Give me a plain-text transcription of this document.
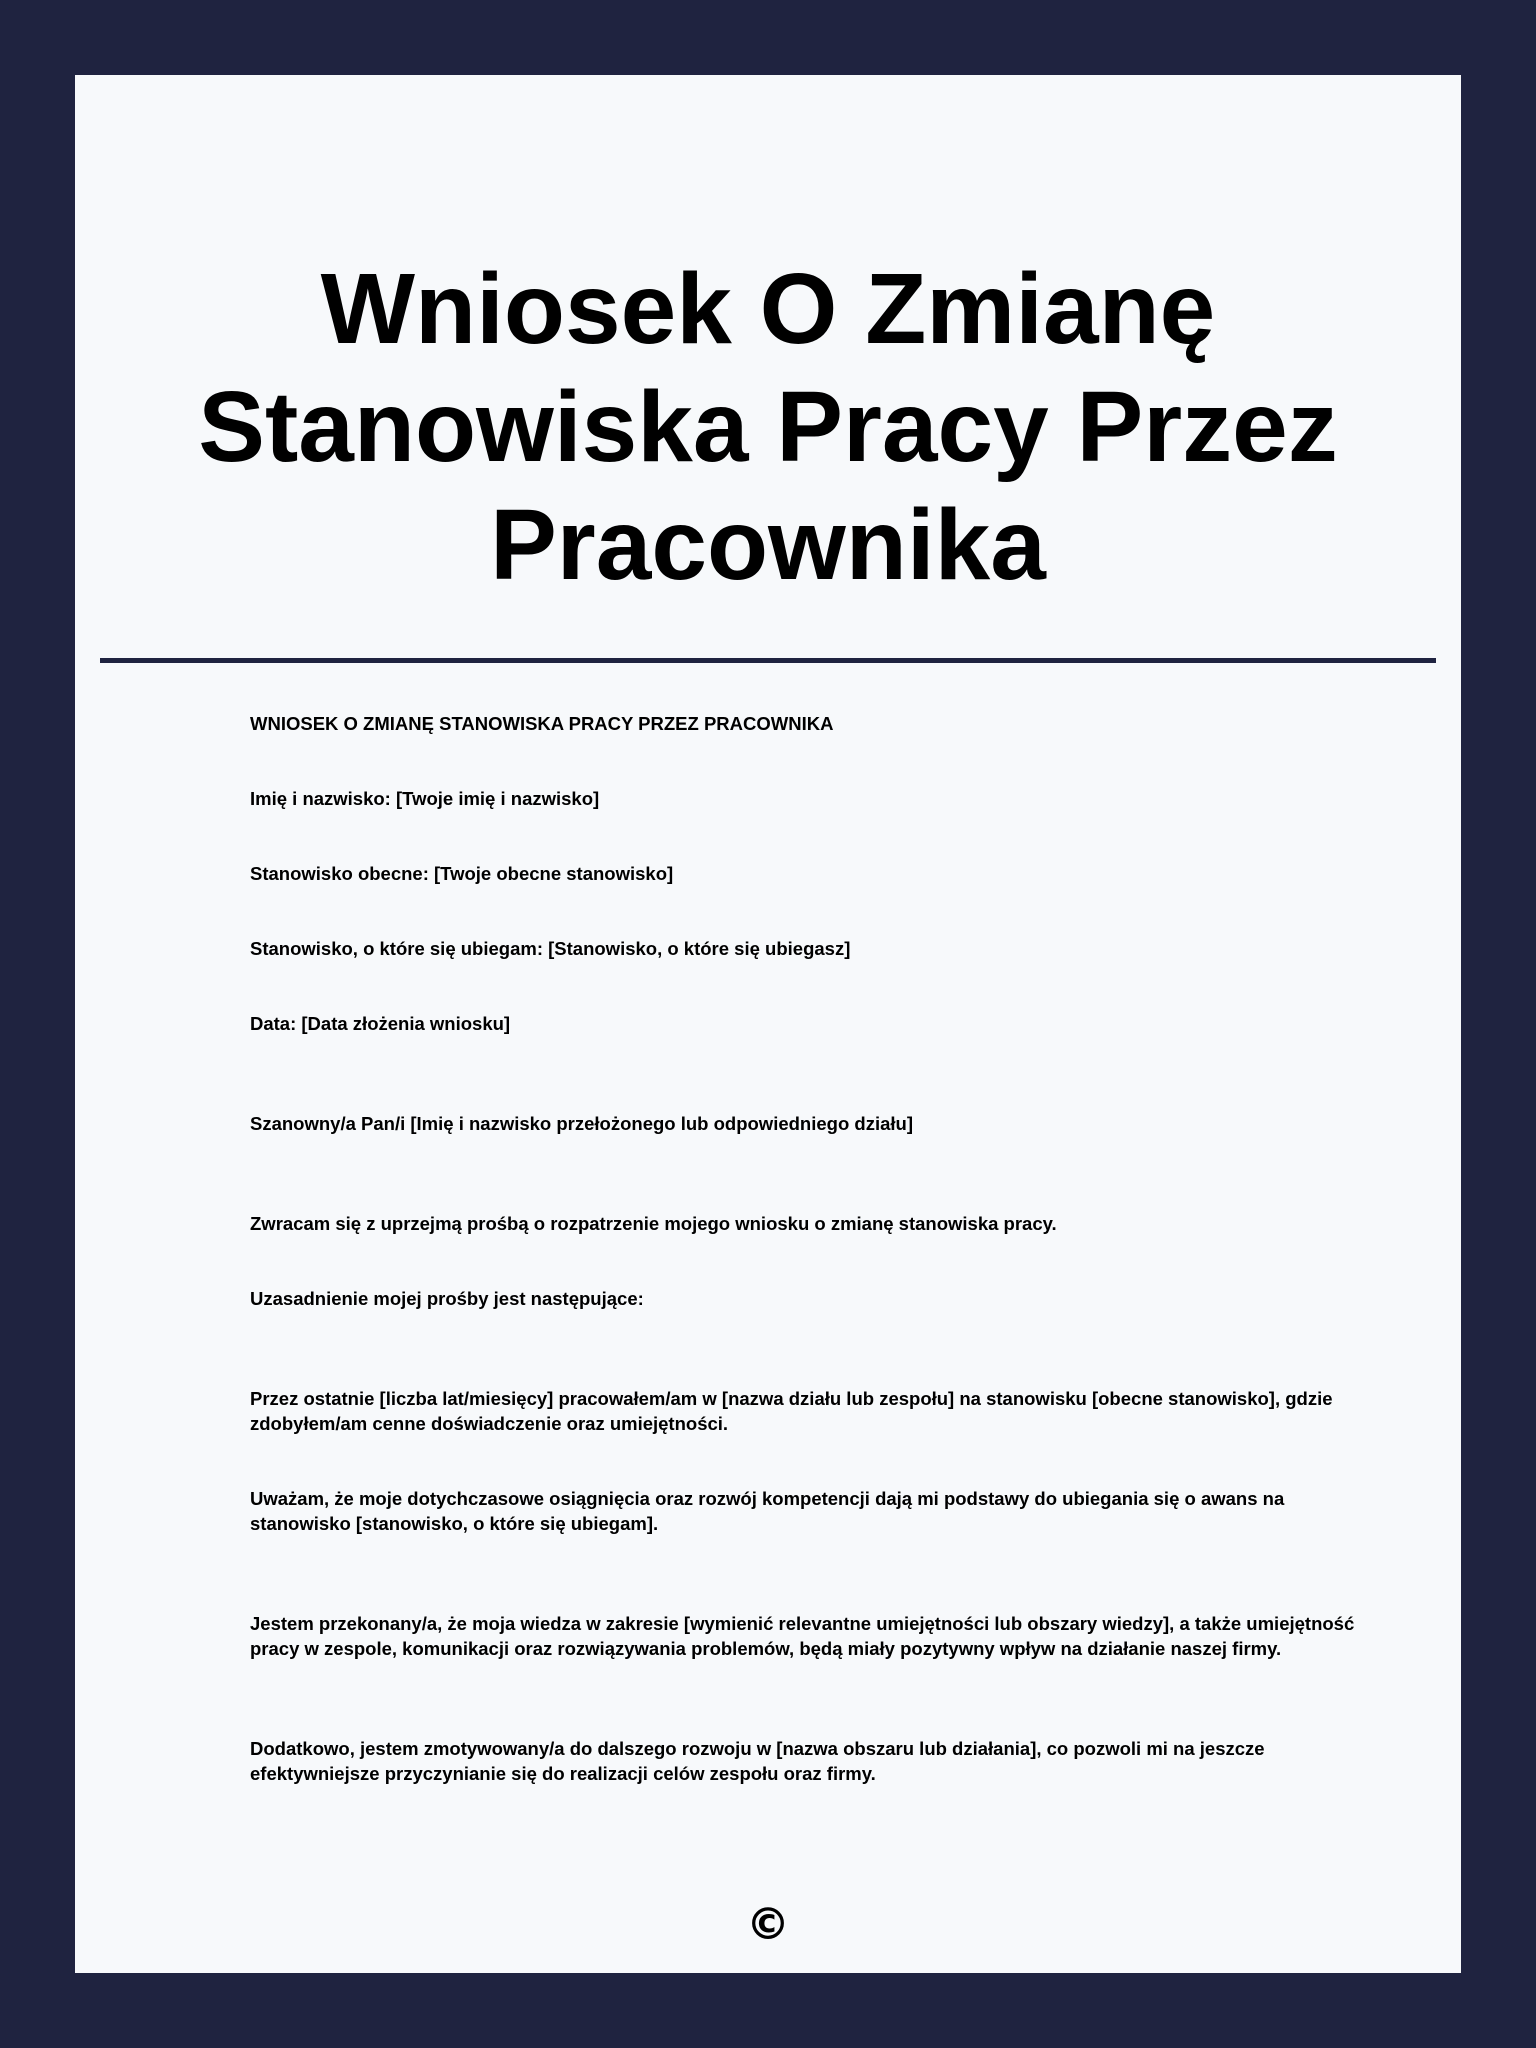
Wniosek O Zmianę Stanowiska Pracy Przez Pracownika

WNIOSEK O ZMIANĘ STANOWISKA PRACY PRZEZ PRACOWNIKA

Imię i nazwisko: [Twoje imię i nazwisko]

Stanowisko obecne: [Twoje obecne stanowisko]

Stanowisko, o które się ubiegam: [Stanowisko, o które się ubiegasz]

Data: [Data złożenia wniosku]

Szanowny/a Pan/i [Imię i nazwisko przełożonego lub odpowiedniego działu]

Zwracam się z uprzejmą prośbą o rozpatrzenie mojego wniosku o zmianę stanowiska pracy.

Uzasadnienie mojej prośby jest następujące:

Przez ostatnie [liczba lat/miesięcy] pracowałem/am w [nazwa działu lub zespołu] na stanowisku [obecne stanowisko], gdzie zdobyłem/am cenne doświadczenie oraz umiejętności.

Uważam, że moje dotychczasowe osiągnięcia oraz rozwój kompetencji dają mi podstawy do ubiegania się o awans na stanowisko [stanowisko, o które się ubiegam].

Jestem przekonany/a, że moja wiedza w zakresie [wymienić relevantne umiejętności lub obszary wiedzy], a także umiejętność pracy w zespole, komunikacji oraz rozwiązywania problemów, będą miały pozytywny wpływ na działanie naszej firmy.

Dodatkowo, jestem zmotywowany/a do dalszego rozwoju w [nazwa obszaru lub działania], co pozwoli mi na jeszcze efektywniejsze przyczynianie się do realizacji celów zespołu oraz firmy.

©
